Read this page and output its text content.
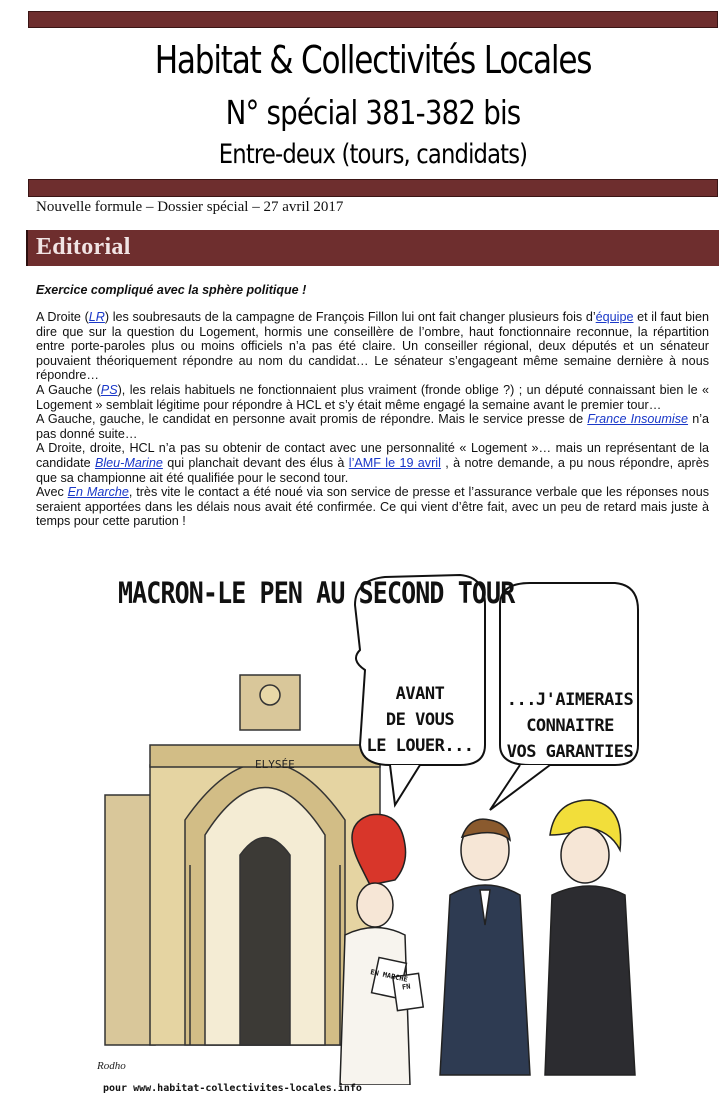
Habitat & Collectivités Locales
N° spécial 381-382 bis
Entre-deux (tours, candidats)
Nouvelle formule – Dossier spécial – 27 avril 2017
Editorial
Exercice compliqué avec la sphère politique !

A Droite (LR) les soubresauts de la campagne de François Fillon lui ont fait changer plusieurs fois d’équipe et il faut bien dire que sur la question du Logement, hormis une conseillère de l’ombre, haut fonctionnaire reconnue, la répartition entre porte-paroles plus ou moins officiels n’a pas été claire. Un conseiller régional, deux députés et un sénateur pouvaient théoriquement répondre au nom du candidat… Le sénateur s’engageant même semaine dernière à nous répondre…

A Gauche (PS), les relais habituels ne fonctionnaient plus vraiment (fronde oblige ?) ; un député connaissant bien le « Logement » semblait légitime pour répondre à HCL et s’y était même engagé la semaine avant le premier tour…

A Gauche, gauche, le candidat en personne avait promis de répondre. Mais le service presse de France Insoumise n’a pas donné suite…

A Droite, droite, HCL n’a pas su obtenir de contact avec une personnalité « Logement »… mais un représentant de la candidate Bleu-Marine qui planchait devant des élus à l’AMF le 19 avril , à notre demande, a pu nous répondre, après que sa championne ait été qualifiée pour le second tour.

Avec En Marche, très vite le contact a été noué via son service de presse et l’assurance verbale que les réponses nous seraient apportées dans les délais nous avait été confirmée. Ce qui vient d’être fait, avec un peu de retard mais juste à temps pour cette parution !

ELYSÉE
MACRON-LE PEN AU SECOND TOUR
AVANT
DE VOUS
LE LOUER...
...J'AIMERAIS
CONNAITRE
VOS GARANTIES
EN MARCHE
FN
Rodho
pour www.habitat-collectivites-locales.info
